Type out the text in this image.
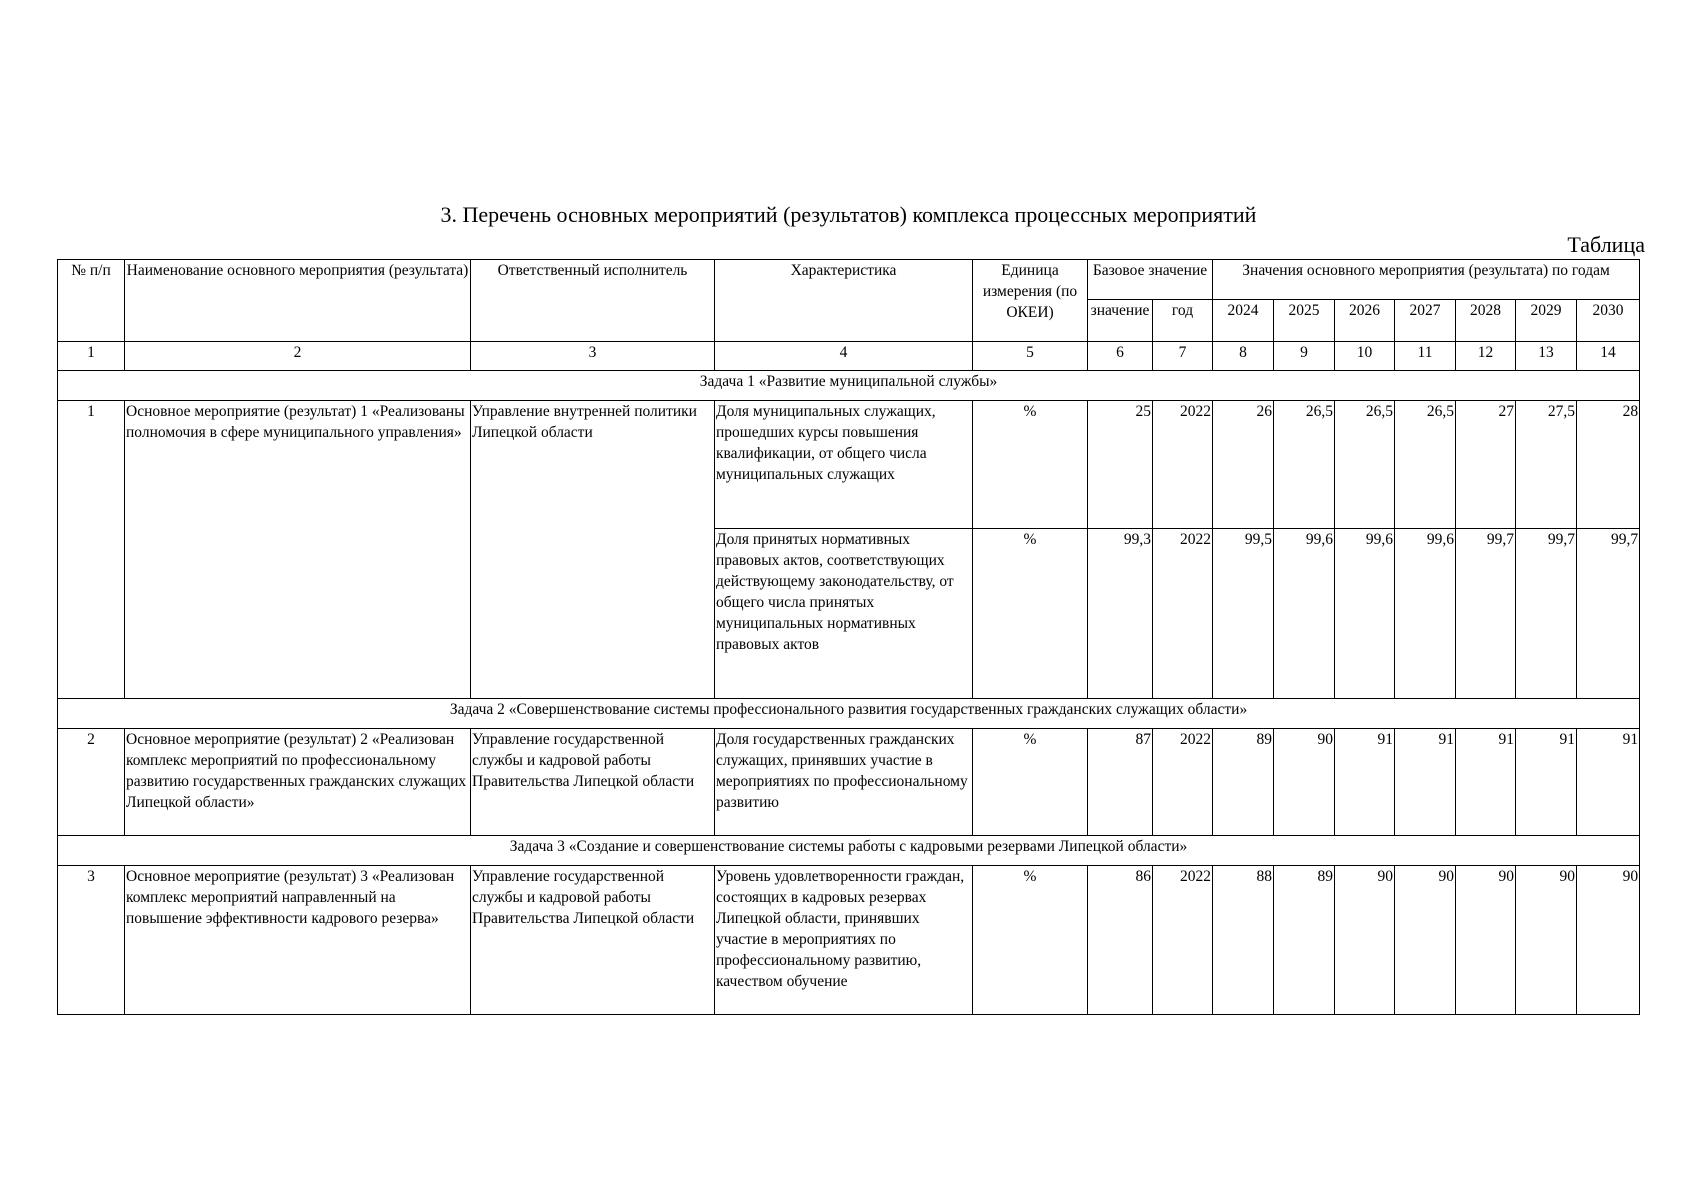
3. Перечень основных мероприятий (результатов) комплекса процессных мероприятий
Таблица
№ п/п	Наименование основного мероприятия (результата)	Ответственный исполнитель	Характеристика	Единица измерения (по ОКЕИ)	Базовое значение		Значения основного мероприятия (результата) по годам						
					значение	год	2024	2025	2026	2027	2028	2029	2030
1	2	3	4	5	6	7	8	9	10	11	12	13	14
Задача 1 «Развитие муниципальной службы»													
1	Основное мероприятие (результат) 1 «Реализованы полномочия в сфере муниципального управления»	Управление внутренней политики Липецкой области	Доля муниципальных служащих, прошедших курсы повышения квалификации, от общего числа муниципальных служащих	%	25	2022	26	26,5	26,5	26,5	27	27,5	28
			Доля принятых нормативных правовых актов, соответствующих действующему законодательству, от общего числа принятых муниципальных нормативных правовых актов	%	99,3	2022	99,5	99,6	99,6	99,6	99,7	99,7	99,7
Задача 2 «Совершенствование системы профессионального развития государственных гражданских служащих области»													
2	Основное мероприятие (результат) 2 «Реализован комплекс мероприятий по профессиональному развитию государственных гражданских служащих Липецкой области»	Управление государственной службы и кадровой работы Правительства Липецкой области	Доля государственных гражданских служащих, принявших участие в мероприятиях по профессиональному развитию	%	87	2022	89	90	91	91	91	91	91
Задача 3 «Создание и совершенствование системы работы с кадровыми резервами Липецкой области»													
3	Основное мероприятие (результат) 3 «Реализован комплекс мероприятий направленный на повышение эффективности кадрового резерва»	Управление государственной службы и кадровой работы Правительства Липецкой области	Уровень удовлетворенности граждан, состоящих в кадровых резервах Липецкой области, принявших участие в мероприятиях по профессиональному развитию, качеством обучение	%	86	2022	88	89	90	90	90	90	90
